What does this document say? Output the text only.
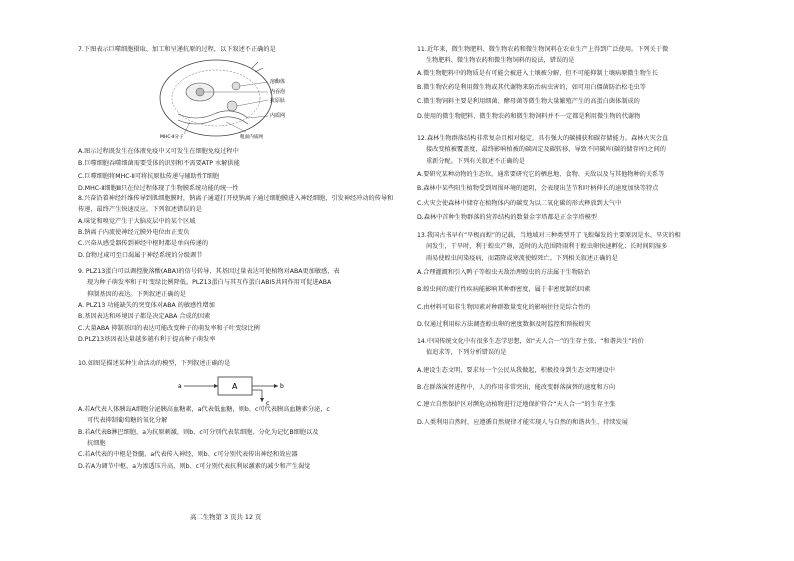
7.下图表示巨噬细胞摄取、加工和呈递抗原的过程，以下叙述不正确的是
溶酶体
内吞泡
抗原肽
内质网
MHC-Ⅱ分子	粗面内质网
A.图示过程既发生在体液免疫中又可发生在细胞免疫过程中
B.巨噬细胞吞噬细菌需要受体的识别和不需要ATP 水解供能
C.巨噬细胞将MHC-Ⅱ可将抗原肽传递与辅助性T细胞
D.MHC-Ⅱ细胞Ⅲ只在位过程体现了生物膜系统功能的统一性
8.兴奋沿着神经纤维传导到肌细胞膜时，钠离子通道打开使钠离子通过细胞膜进入神经细胞，引发神经冲动的传导和
传递，最终产生快速反应。下列叙述错误的是
A.味觉和嗅觉产生于大脑皮层中的某个区域
B.钠离子内流使神经元膜外电位由正变负
C.兴奋从感受器传到神经中枢时都是单向传递的
D.食物过咸可至口渴属于神经系统的分级调节
9. PLZ13蛋白可以调控脱落酸(ABA)的信号转导，其基因过量表达可使植物对ABA更加敏感，表
现为种子萌发率和子叶变绿比例降低。PLZ13蛋白与其互作蛋白ABI5共同作用可促进ABA
抑制基因的表达。下列叙述正确的是
A. PLZ13 功能缺失的突变体对ABA 的敏感性增加
B.基因表达和环境因子都是决定ABA 合成的因素
C.大量ABA 抑制基因的表达可能改变种子的萌发率和子叶变绿比例
D.PLZ13基因表达量越多越有利于提高种子萌发率
10.如图是描述某种生命活动的模型，下列叙述正确的是
A
a	b
c
A.若A代表人体胰岛A细胞分泌胰高血糖素，a代表低血糖，则b、c可代表胰高血糖素分泌，c
可代表抑制葡萄糖的氧化分解
B.若A代表B淋巴细胞，a为抗原刺激，则b、c可分别代表浆细胞、分化为记忆B细胞以及
抗细胞
C.若A代表的中枢是脊髓，a代表传入神经，则b、c可分别代表传出神经和效应器
D.若A为调节中枢，a为渗透压升高，则b、c可分别代表抗利尿激素的减少和产生渴觉
11.近年来，微生物肥料、微生物农药和微生物饲料在农业生产上得到广泛使用。下列关于微
生物肥料、微生物农药和微生物饲料的说法，错误的是
A.微生物肥料中的物质是有可能会被进入土壤被分解，但不可能抑制土壤病原微生物生长
B.微生物农药是利用微生物或其代谢物来防治病虫害的，如可用白僵菌防治松毛虫等
C.微生物饲料主要是利用细菌、酵母菌等微生物大量繁殖产生的高蛋白菌体制成的
D.使用的微生物肥料、微生物农药和微生物饲料并不一定都是利用微生物的代谢物
12.森林生物群落结构非常复杂且相对稳定，具有强大的碳捕获和碳存储能力。森林火灾会直
接改变植被覆盖度，最终影响植被的碳固定及碳转移，导致不同碳库(碳的储存库)之间的
重新分配。下列有关叙述不正确的是
A.要研究某种动物的生态位，通常要研究它的栖息地、食物、天敌以及与其他物种的关系等
B.森林中某些阳生植物受到周围环境的遮阴，会表现出茎节和叶柄伸长的速度加快等特点
C.火灾会使森林中储存在植物体内的碳变为以二氧化碳的形式释放到大气中
D.森林中首种生物群落的营养结构的数量金字塔都是正金字塔模型
13.我国古书早有“旱极而蝗”的记载，当地域对三种类型开了飞蝗爆发的主要原因是水、旱灾的相
间发生，干旱时，利于蝗虫产卵，适时的大范围降雨利于蝗虫卵快速孵化；长时间阴湿多
雨易使蝗虫间染疫病，而霜降或寒流使蝗死亡。下列相关叙述正确的是
A.合理灌溉和引入鸭子等蝗虫天敌治理蝗虫的方法属于生物防治
B.蝗虫间的流行性疾病能影响其种群密度，属于非密度制约因素
C.由材料可知非生物因素对种群数量变化的影响往往是综合性的
D.仅通过利用标方法调查蝗虫卵的密度数据及时监控和预报蝗灾
14.中国传统文化中有很多生态学思想，如“天人合一”的生存主张、“和谐共生”的价
值追求等，下列分析错误的是
A.建设生态文明，要求每一个公民从我做起，积极投身到生态文明建设中
B.在群落演替进程中，人的作用非常突出，能改变群落演替的速度和方向
C.建立自然保护区对濒危动植物进行迁地保护符合“天人合一”的生存主张
D.人类利用自然时，应遵循自然规律才能实现人与自然的和谐共生、持续发展
高二生物第 3 页共 12 页
